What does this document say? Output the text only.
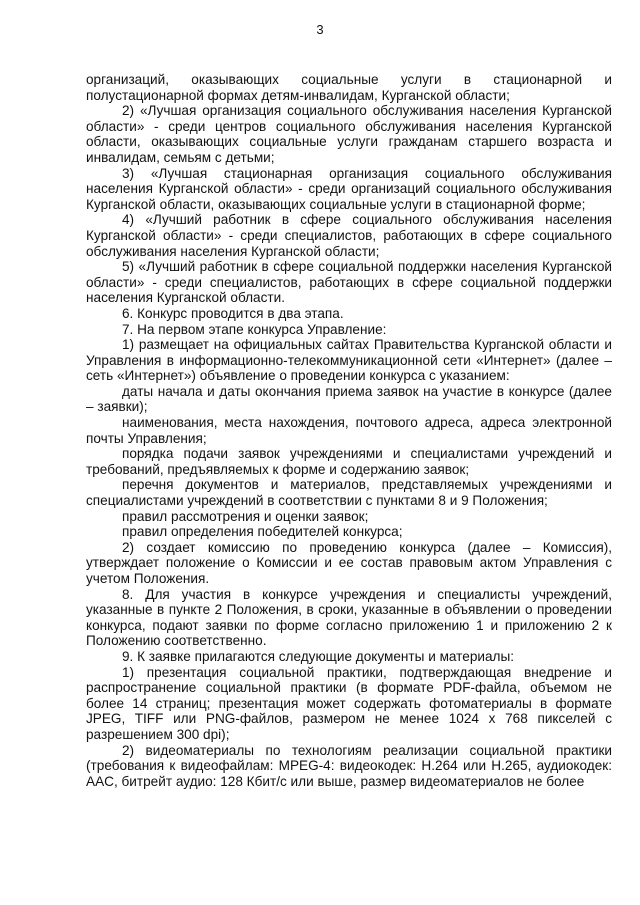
3

организаций, оказывающих социальные услуги в стационарной и полустационарной формах детям-инвалидам, Курганской области;

2) «Лучшая организация социального обслуживания населения Курганской области» - среди центров социального обслуживания населения Курганской области, оказывающих социальные услуги гражданам старшего возраста и инвалидам, семьям с детьми;

3) «Лучшая стационарная организация социального обслуживания населения Курганской области» - среди организаций социального обслуживания Курганской области, оказывающих социальные услуги в стационарной форме;

4) «Лучший работник в сфере социального обслуживания населения Курганской области» - среди специалистов, работающих в сфере социального обслуживания населения Курганской области;

5) «Лучший работник в сфере социальной поддержки населения Курганской области» - среди специалистов, работающих в сфере социальной поддержки населения Курганской области.

6. Конкурс проводится в два этапа.

7. На первом этапе конкурса Управление:

1) размещает на официальных сайтах Правительства Курганской области и Управления в информационно-телекоммуникационной сети «Интернет» (далее – сеть «Интернет») объявление о проведении конкурса с указанием:

даты начала и даты окончания приема заявок на участие в конкурсе (далее – заявки);

наименования, места нахождения, почтового адреса, адреса электронной почты Управления;

порядка подачи заявок учреждениями и специалистами учреждений и требований, предъявляемых к форме и содержанию заявок;

перечня документов и материалов, представляемых учреждениями и специалистами учреждений в соответствии с пунктами 8 и 9 Положения;

правил рассмотрения и оценки заявок;

правил определения победителей конкурса;

2) создает комиссию по проведению конкурса (далее – Комиссия), утверждает положение о Комиссии и ее состав правовым актом Управления с учетом Положения.

8. Для участия в конкурсе учреждения и специалисты учреждений, указанные в пункте 2 Положения, в сроки, указанные в объявлении о проведении конкурса, подают заявки по форме согласно приложению 1 и приложению 2 к Положению соответственно.

9. К заявке прилагаются следующие документы и материалы:

1) презентация социальной практики, подтверждающая внедрение и распространение социальной практики (в формате PDF-файла, объемом не более 14 страниц; презентация может содержать фотоматериалы в формате JPEG, TIFF или PNG-файлов, размером не менее 1024 х 768 пикселей с разрешением 300 dpi);

2) видеоматериалы по технологиям реализации социальной практики (требования к видеофайлам: MPEG-4: видеокодек: H.264 или H.265, аудиокодек: AAC, битрейт аудио: 128 Кбит/с или выше, размер видеоматериалов не более
